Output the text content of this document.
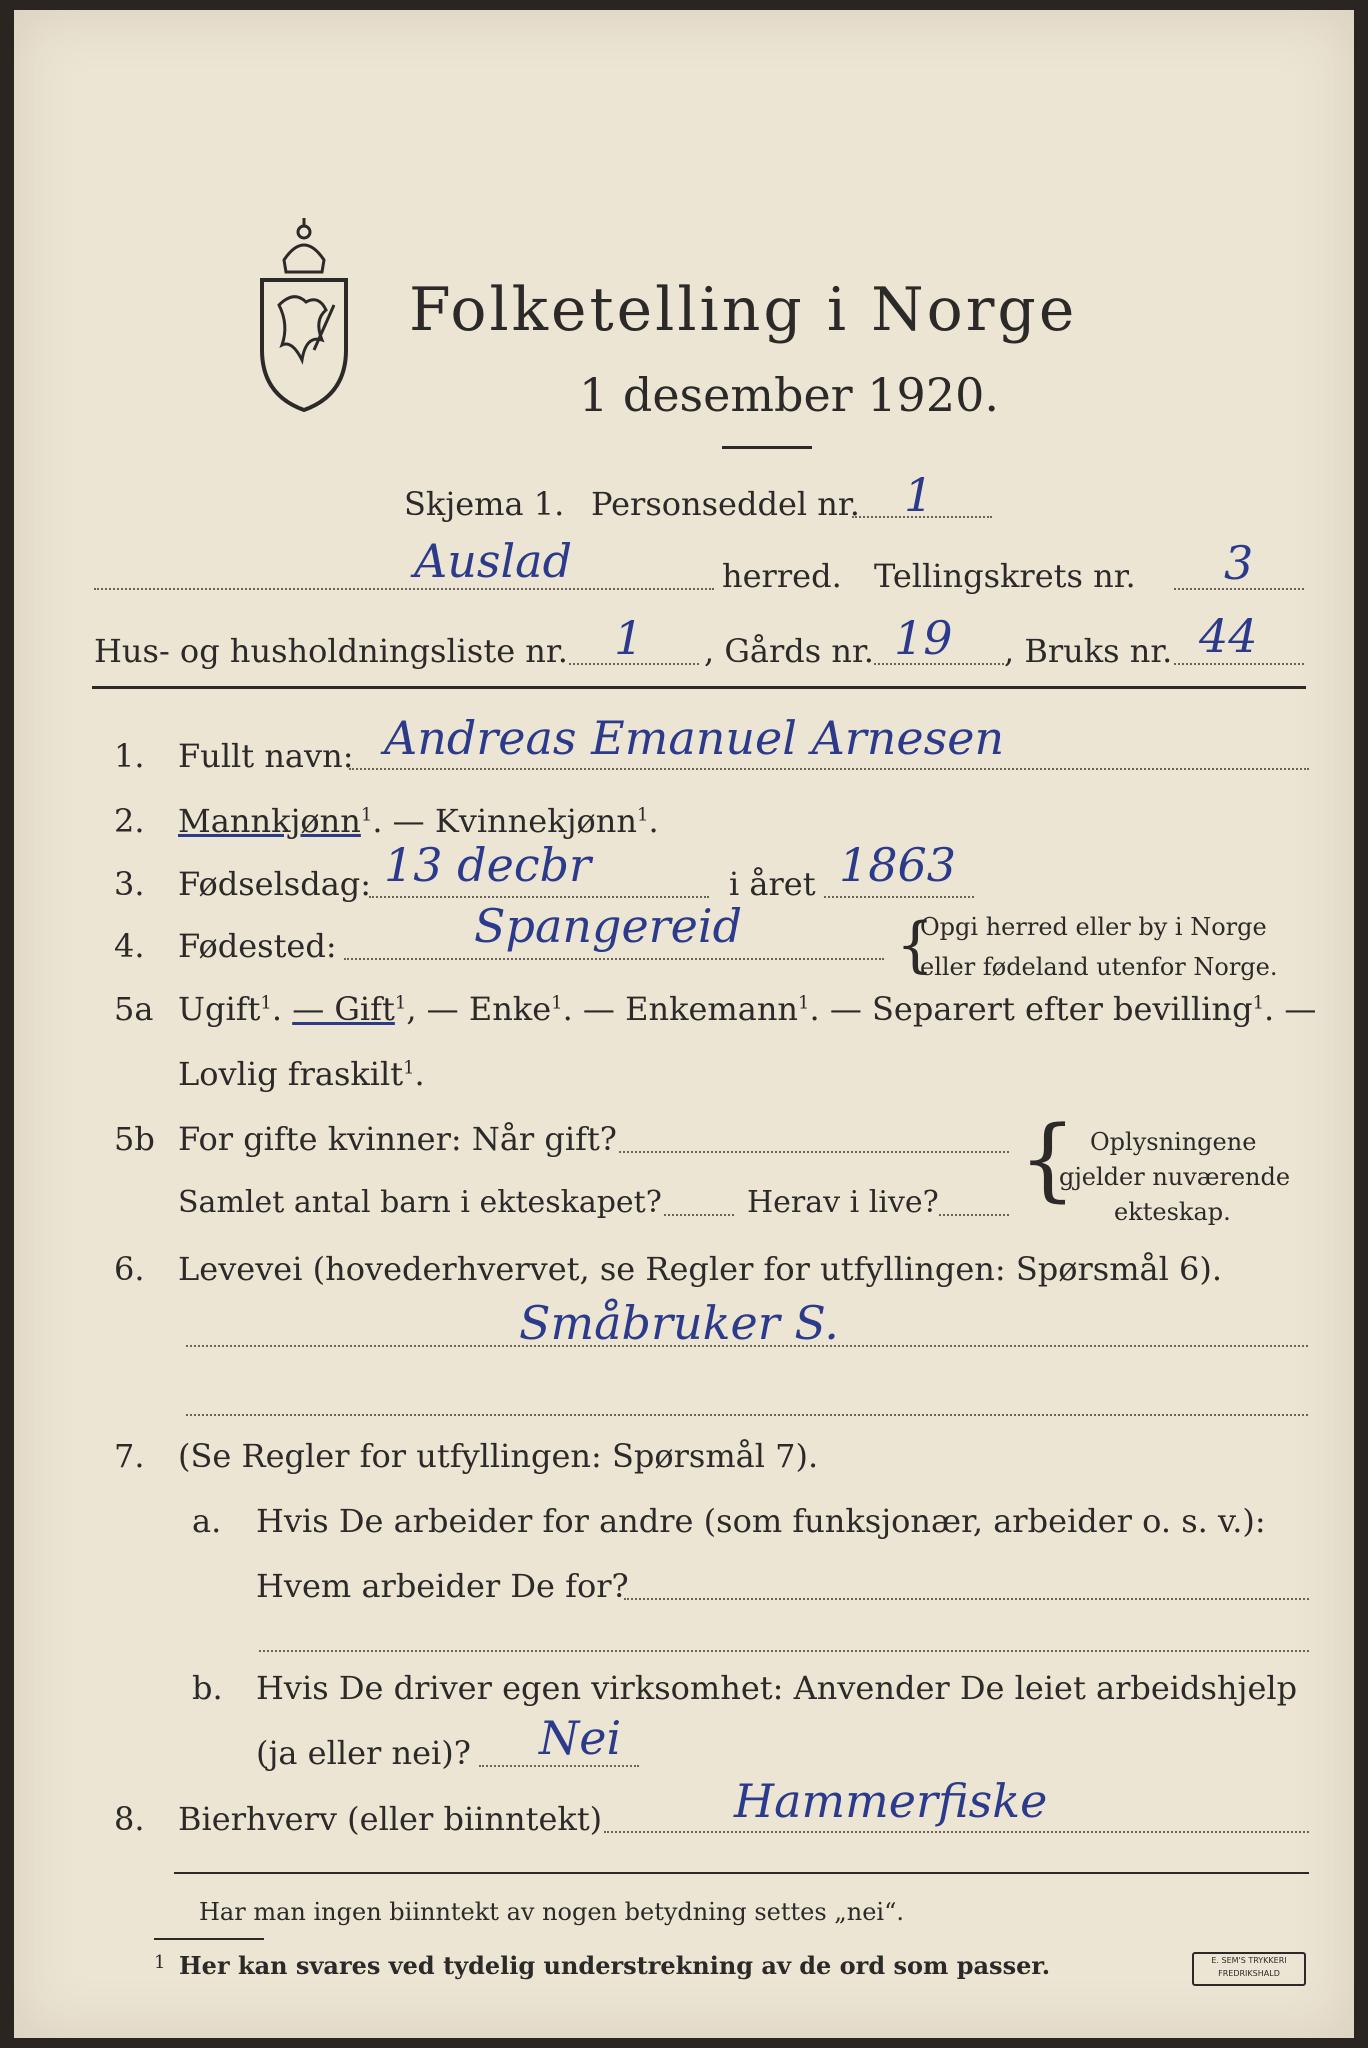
Folketelling i Norge
1 desember 1920.
Skjema 1. Personseddel nr. 1
Auslad	herred. Tellingskrets nr. 3
Hus- og husholdningsliste nr. 1 , Gårds nr. 19 , Bruks nr. 44
1. Fullt navn: Andreas Emanuel Arnesen
2. Mannkjønn$^1$. — Kvinnekjønn$^1$.
3. Fødselsdag: 13 decbr	i året 1863
4. Fødested:	Spangereid	{
Opgi herred eller by i Norge
eller fødeland utenfor Norge.
5a Ugift$^1$. — Gift$^1$, — Enke$^1$. — Enkemann$^1$. — Separert efter bevilling$^1$. —
Lovlig fraskilt$^1$.
5b For gifte kvinner: Når gift?
Samlet antal barn i ekteskapet?	Herav i live? { Oplysningene
gjelder nuværende
ekteskap.
6. Levevei (hovederhvervet, se Regler for utfyllingen: Spørsmål 6).
Småbruker S.
7. (Se Regler for utfyllingen: Spørsmål 7).
a. Hvis De arbeider for andre (som funksjonær, arbeider o. s. v.):
Hvem arbeider De for?
b. Hvis De driver egen virksomhet: Anvender De leiet arbeidshjelp
(ja eller nei)? Nei
8. Bierhverv (eller biinntekt)	Hammerfiske
Har man ingen biinntekt av nogen betydning settes „nei“.
1 Her kan svares ved tydelig understrekning av de ord som passer.	E. SEM'S TRYKKERI
FREDRIKSHALD
